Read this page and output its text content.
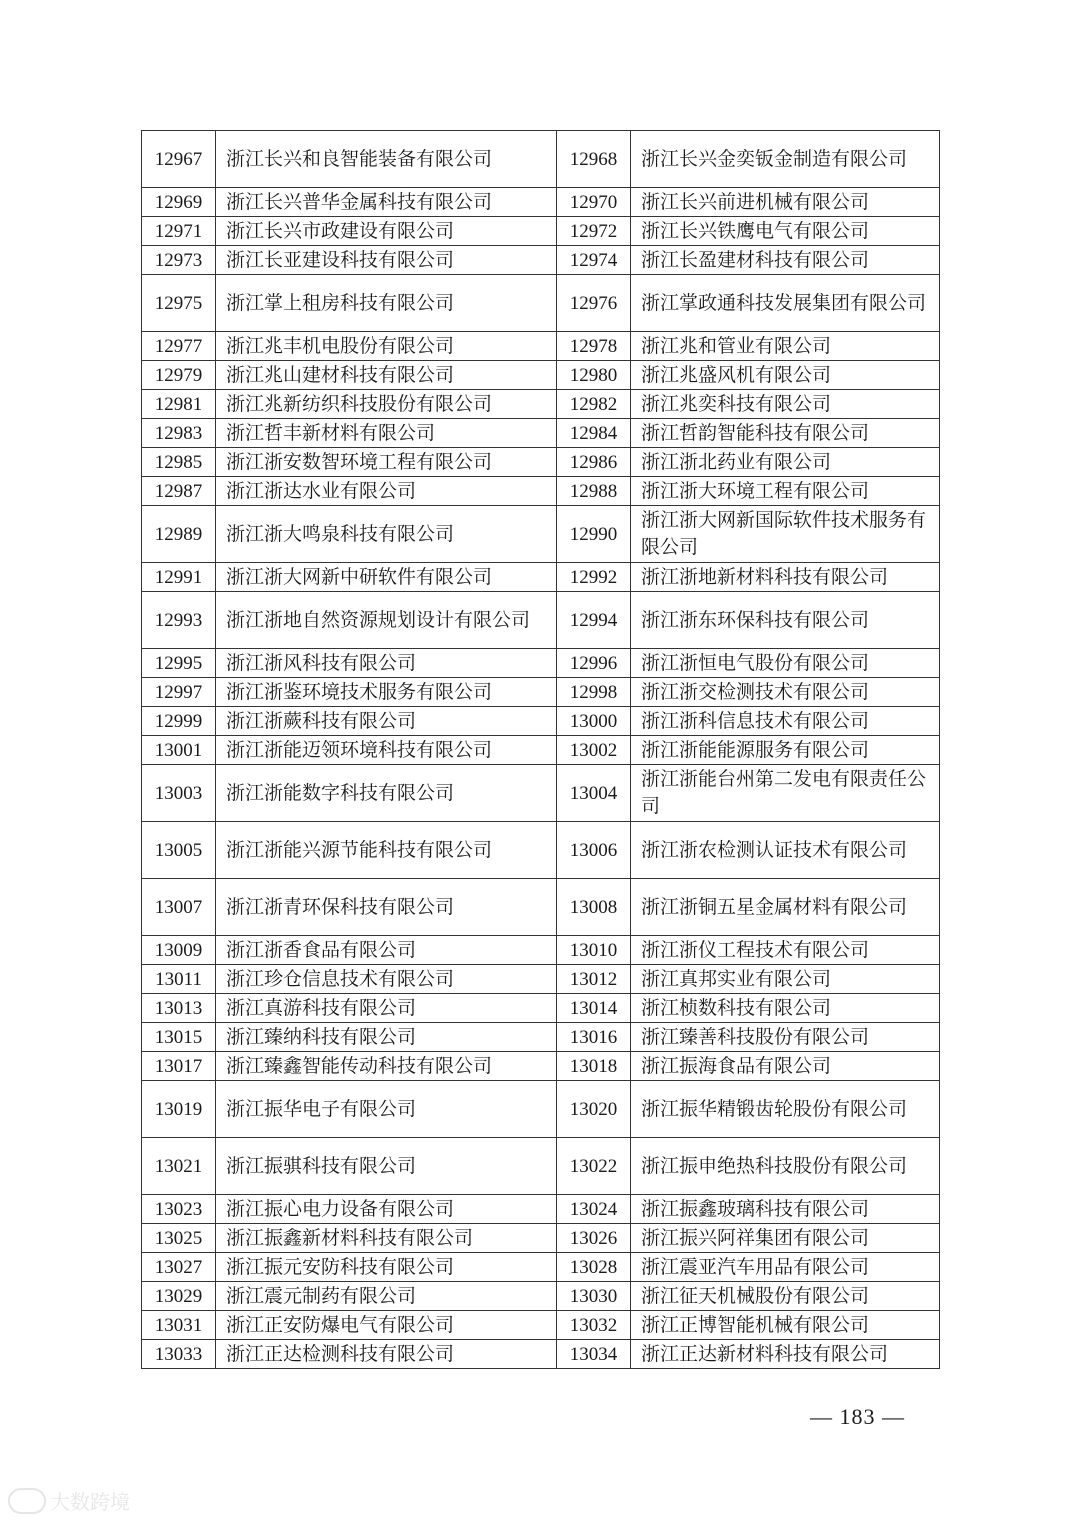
12967	浙江长兴和良智能装备有限公司	12968	浙江长兴金奕钣金制造有限公司
12969	浙江长兴普华金属科技有限公司	12970	浙江长兴前进机械有限公司
12971	浙江长兴市政建设有限公司	12972	浙江长兴铁鹰电气有限公司
12973	浙江长亚建设科技有限公司	12974	浙江长盈建材科技有限公司
12975	浙江掌上租房科技有限公司	12976	浙江掌政通科技发展集团有限公司
12977	浙江兆丰机电股份有限公司	12978	浙江兆和管业有限公司
12979	浙江兆山建材科技有限公司	12980	浙江兆盛风机有限公司
12981	浙江兆新纺织科技股份有限公司	12982	浙江兆奕科技有限公司
12983	浙江哲丰新材料有限公司	12984	浙江哲韵智能科技有限公司
12985	浙江浙安数智环境工程有限公司	12986	浙江浙北药业有限公司
12987	浙江浙达水业有限公司	12988	浙江浙大环境工程有限公司
12989	浙江浙大鸣泉科技有限公司	12990	浙江浙大网新国际软件技术服务有限公司
12991	浙江浙大网新中研软件有限公司	12992	浙江浙地新材料科技有限公司
12993	浙江浙地自然资源规划设计有限公司	12994	浙江浙东环保科技有限公司
12995	浙江浙风科技有限公司	12996	浙江浙恒电气股份有限公司
12997	浙江浙鉴环境技术服务有限公司	12998	浙江浙交检测技术有限公司
12999	浙江浙蕨科技有限公司	13000	浙江浙科信息技术有限公司
13001	浙江浙能迈领环境科技有限公司	13002	浙江浙能能源服务有限公司
13003	浙江浙能数字科技有限公司	13004	浙江浙能台州第二发电有限责任公司
13005	浙江浙能兴源节能科技有限公司	13006	浙江浙农检测认证技术有限公司
13007	浙江浙青环保科技有限公司	13008	浙江浙铜五星金属材料有限公司
13009	浙江浙香食品有限公司	13010	浙江浙仪工程技术有限公司
13011	浙江珍仓信息技术有限公司	13012	浙江真邦实业有限公司
13013	浙江真游科技有限公司	13014	浙江桢数科技有限公司
13015	浙江臻纳科技有限公司	13016	浙江臻善科技股份有限公司
13017	浙江臻鑫智能传动科技有限公司	13018	浙江振海食品有限公司
13019	浙江振华电子有限公司	13020	浙江振华精锻齿轮股份有限公司
13021	浙江振骐科技有限公司	13022	浙江振申绝热科技股份有限公司
13023	浙江振心电力设备有限公司	13024	浙江振鑫玻璃科技有限公司
13025	浙江振鑫新材料科技有限公司	13026	浙江振兴阿祥集团有限公司
13027	浙江振元安防科技有限公司	13028	浙江震亚汽车用品有限公司
13029	浙江震元制药有限公司	13030	浙江征天机械股份有限公司
13031	浙江正安防爆电气有限公司	13032	浙江正博智能机械有限公司
13033	浙江正达检测科技有限公司	13034	浙江正达新材料科技有限公司
— 183 —
大数跨境
